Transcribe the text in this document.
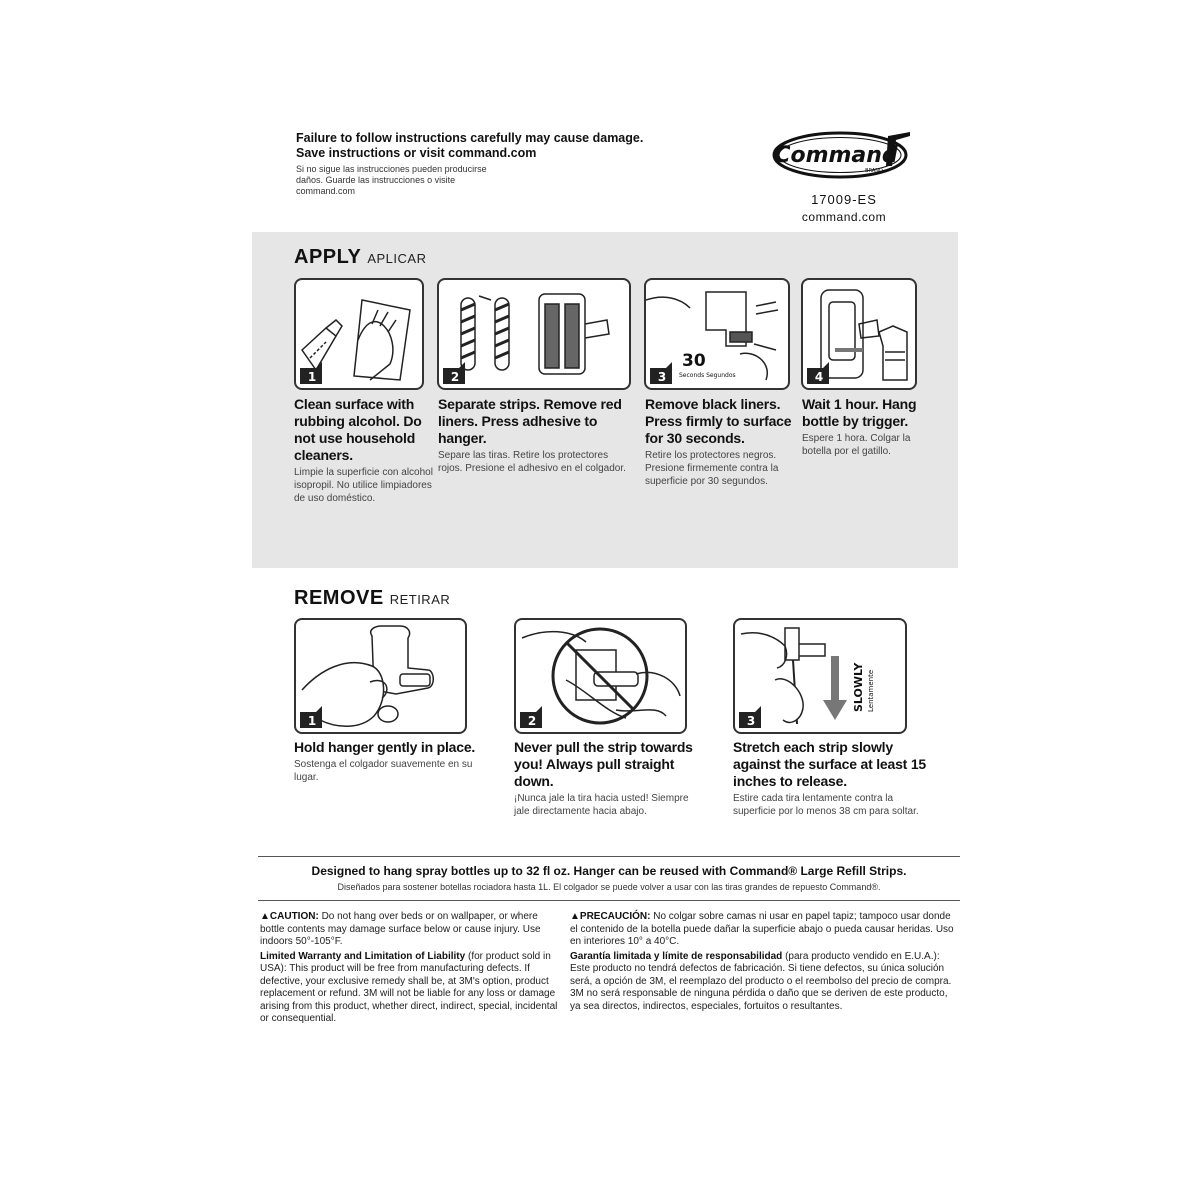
Failure to follow instructions carefully may cause damage.
Save instructions or visit command.com
Si no sigue las instrucciones pueden producirse daños. Guarde las instrucciones o visite command.com
Command
BRAND
17009-ES
command.com
APPLY APLICAR
1
Clean surface with rubbing alcohol. Do not use household cleaners.
Limpie la superficie con alcohol isopropil. No utilice limpiadores de uso doméstico.
2
Separate strips. Remove red liners. Press adhesive to hanger.
Separe las tiras. Retire los protectores rojos. Presione el adhesivo en el colgador.
30
Seconds Segundos
3
Remove black liners. Press firmly to surface for 30 seconds.
Retire los protectores negros. Presione firmemente contra la superficie por 30 segundos.
4
Wait 1 hour. Hang bottle by trigger.
Espere 1 hora. Colgar la botella por el gatillo.
REMOVE RETIRAR
1
Hold hanger gently in place.
Sostenga el colgador suavemente en su lugar.
2
Never pull the strip towards you! Always pull straight down.
¡Nunca jale la tira hacia usted! Siempre jale directamente hacia abajo.
SLOWLY Lentamente
3
Stretch each strip slowly against the surface at least 15 inches to release.
Estire cada tira lentamente contra la superficie por lo menos 38 cm para soltar.
Designed to hang spray bottles up to 32 fl oz. Hanger can be reused with Command® Large Refill Strips.
Diseñados para sostener botellas rociadora hasta 1L. El colgador se puede volver a usar con las tiras grandes de repuesto Command®.
▲CAUTION: Do not hang over beds or on wallpaper, or where bottle contents may damage surface below or cause injury. Use indoors 50°-105°F.
Limited Warranty and Limitation of Liability (for product sold in USA): This product will be free from manufacturing defects. If defective, your exclusive remedy shall be, at 3M's option, product replacement or refund. 3M will not be liable for any loss or damage arising from this product, whether direct, indirect, special, incidental or consequential.
▲PRECAUCIÓN: No colgar sobre camas ni usar en papel tapiz; tampoco usar donde el contenido de la botella puede dañar la superficie abajo o pueda causar heridas. Uso en interiores 10° a 40°C.
Garantía limitada y límite de responsabilidad (para producto vendido en E.U.A.): Este producto no tendrá defectos de fabricación. Si tiene defectos, su única solución será, a opción de 3M, el reemplazo del producto o el reembolso del precio de compra. 3M no será responsable de ninguna pérdida o daño que se deriven de este producto, ya sea directos, indirectos, especiales, fortuitos o resultantes.
